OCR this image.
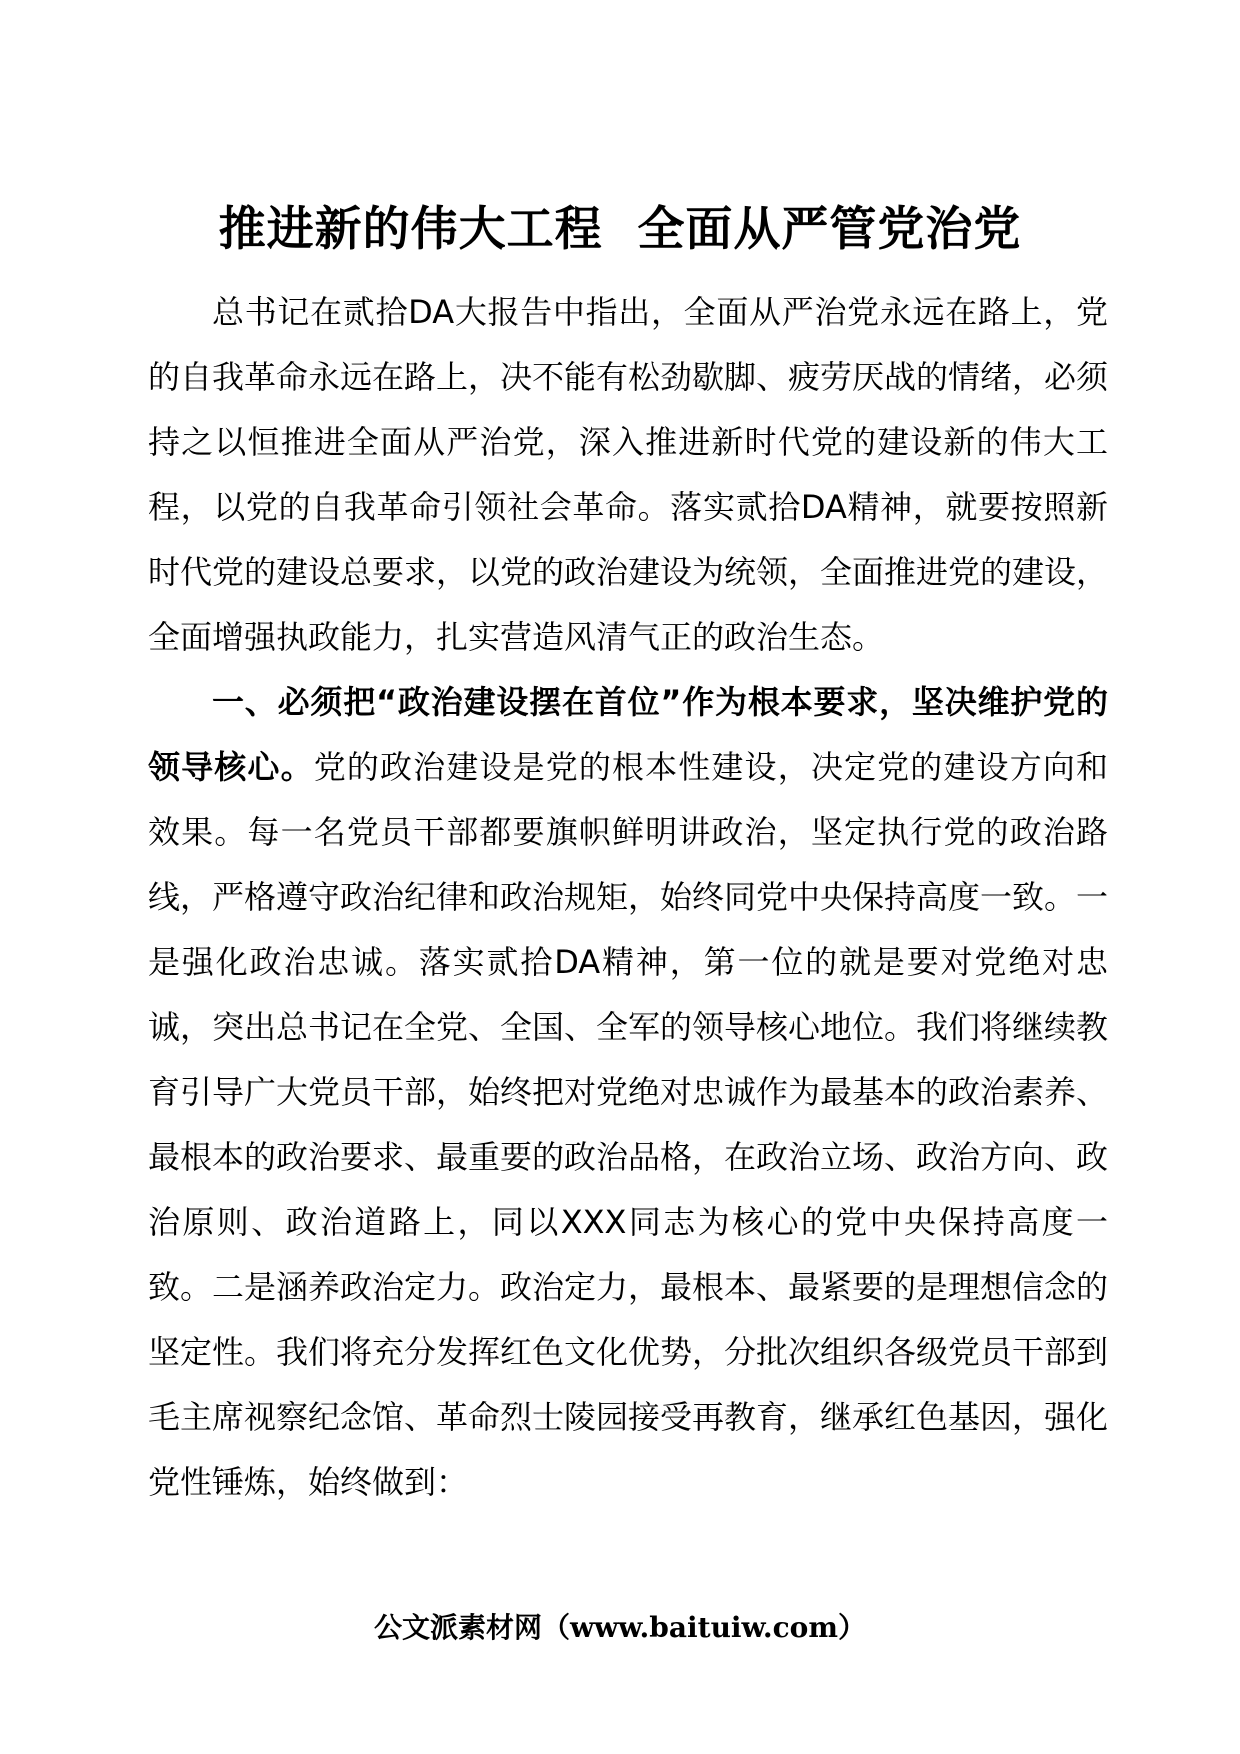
推进新的伟大工程  全面从严管党治党

总书记在贰拾DA大报告中指出，全面从严治党永远在路上，党的自我革命永远在路上，决不能有松劲歇脚、疲劳厌战的情绪，必须持之以恒推进全面从严治党，深入推进新时代党的建设新的伟大工程，以党的自我革命引领社会革命。落实贰拾DA精神，就要按照新时代党的建设总要求，以党的政治建设为统领，全面推进党的建设，全面增强执政能力，扎实营造风清气正的政治生态。

一、必须把“政治建设摆在首位”作为根本要求，坚决维护党的领导核心。党的政治建设是党的根本性建设，决定党的建设方向和效果。每一名党员干部都要旗帜鲜明讲政治，坚定执行党的政治路线，严格遵守政治纪律和政治规矩，始终同党中央保持高度一致。一是强化政治忠诚。落实贰拾DA精神，第一位的就是要对党绝对忠诚，突出总书记在全党、全国、全军的领导核心地位。我们将继续教育引导广大党员干部，始终把对党绝对忠诚作为最基本的政治素养、最根本的政治要求、最重要的政治品格，在政治立场、政治方向、政治原则、政治道路上，同以XXX同志为核心的党中央保持高度一致。二是涵养政治定力。政治定力，最根本、最紧要的是理想信念的坚定性。我们将充分发挥红色文化优势，分批次组织各级党员干部到毛主席视察纪念馆、革命烈士陵园接受再教育，继承红色基因，强化党性锤炼，始终做到：

公文派素材网（www.baituiw.com）
